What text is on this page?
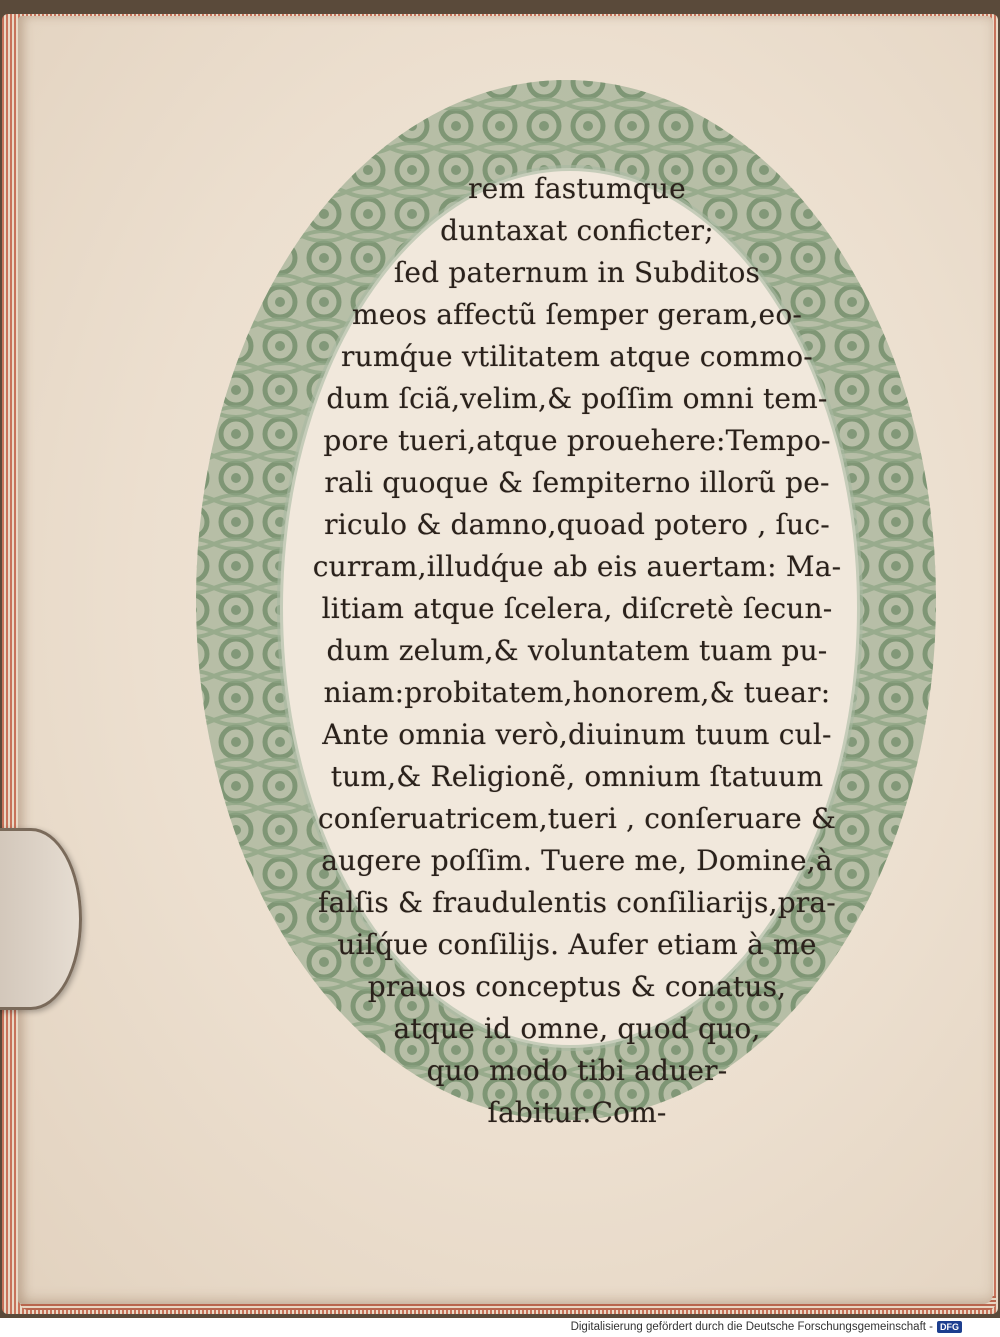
rem fastumque
duntaxat conﬁcter;
ſed paternum in Subditos
meos affectũ ſemper geram,eo-
rumq́ue vtilitatem atque commo-
dum ſciã,velim,& poſſim omni tem-
pore tueri,atque prouehere:Tempo-
rali quoque & ſempiterno illorũ pe-
riculo & damno,quoad potero , ſuc-
curram,illudq́ue ab eis auertam: Ma-
litiam atque ſcelera, diſcretè ſecun-
dum zelum,& voluntatem tuam pu-
niam:probitatem,honorem,& tuear:
Ante omnia verò,diuinum tuum cul-
tum,& Religionẽ, omnium ſtatuum
conſeruatricem,tueri , conſeruare &
augere poſſim. Tuere me, Domine,à
falſis & fraudulentis conſiliarijs,pra-
uiſq́ue conſilijs. Aufer etiam à me
prauos conceptus & conatus,
atque id omne, quod quo,
quo modo tibi aduer-
ſabitur.Com-
Digitalisierung gefördert durch die Deutsche Forschungsgemeinschaft - DFG
